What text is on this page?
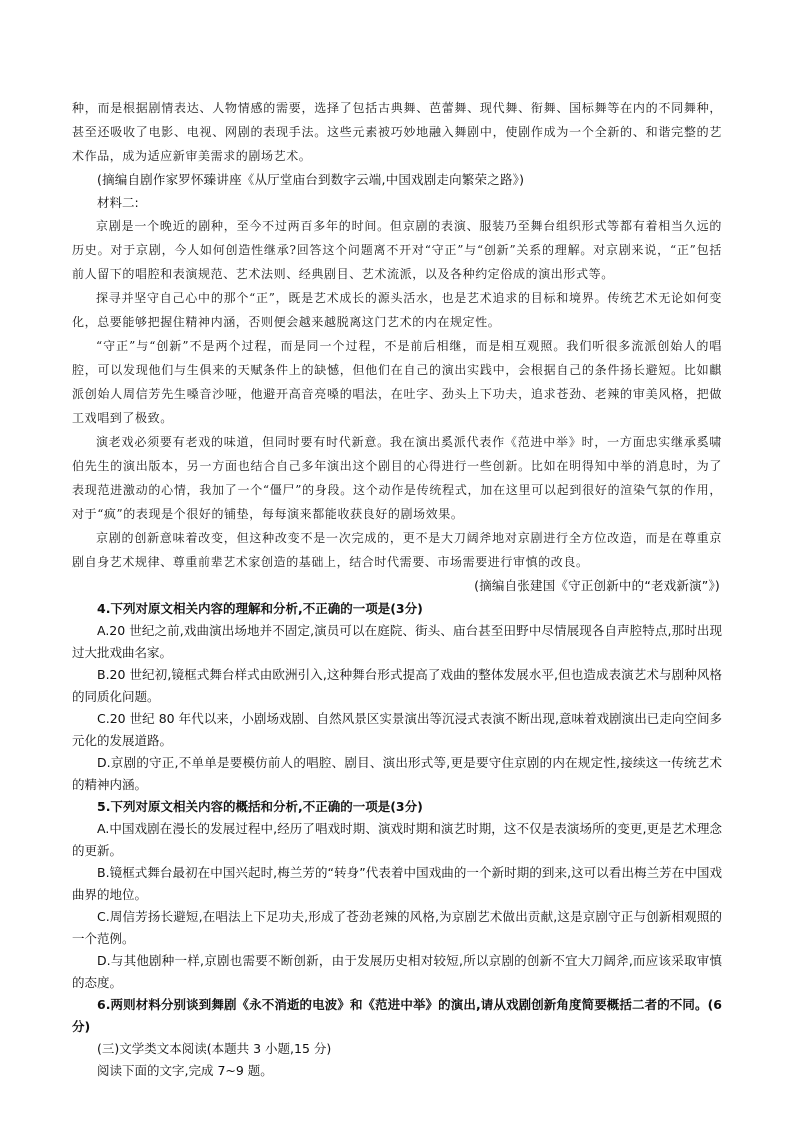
种，而是根据剧情表达、人物情感的需要，选择了包括古典舞、芭蕾舞、现代舞、衔舞、国标舞等在内的不同舞种，甚至还吸收了电影、电视、网剧的表现手法。这些元素被巧妙地融入舞剧中，使剧作成为一个全新的、和谐完整的艺术作品，成为适应新审美需求的剧场艺术。

(摘编自剧作家罗怀臻讲座《从厅堂庙台到数字云端,中国戏剧走向繁荣之路》)

材料二:

京剧是一个晚近的剧种，至今不过两百多年的时间。但京剧的表演、服装乃至舞台组织形式等都有着相当久远的历史。对于京剧，今人如何创造性继承?回答这个问题离不开对“守正”与“创新”关系的理解。对京剧来说，“正”包括前人留下的唱腔和表演规范、艺术法则、经典剧目、艺术流派，以及各种约定俗成的演出形式等。

探寻并坚守自己心中的那个“正”，既是艺术成长的源头活水，也是艺术追求的目标和境界。传统艺术无论如何变化，总要能够把握住精神内涵，否则便会越来越脱离这门艺术的内在规定性。

“守正”与“创新”不是两个过程，而是同一个过程，不是前后相继，而是相互观照。我们听很多流派创始人的唱腔，可以发现他们与生俱来的天赋条件上的缺憾，但他们在自己的演出实践中，会根据自己的条件扬长避短。比如麒派创始人周信芳先生嗓音沙哑，他避开高音亮嗓的唱法，在吐字、劲头上下功夫，追求苍劲、老辣的审美风格，把做工戏唱到了极致。

演老戏必须要有老戏的味道，但同时要有时代新意。我在演出奚派代表作《范进中举》时，一方面忠实继承奚啸伯先生的演出版本，另一方面也结合自己多年演出这个剧目的心得进行一些创新。比如在明得知中举的消息时，为了表现范进激动的心情，我加了一个“僵尸”的身段。这个动作是传统程式，加在这里可以起到很好的渲染气氛的作用，对于“疯”的表现是个很好的铺垫，每每演来都能收获良好的剧场效果。

京剧的创新意味着改变，但这种改变不是一次完成的，更不是大刀阔斧地对京剧进行全方位改造，而是在尊重京剧自身艺术规律、尊重前辈艺术家创造的基础上，结合时代需要、市场需要进行审慎的改良。

(摘编自张建国《守正创新中的“老戏新演”》)

4.下列对原文相关内容的理解和分析,不正确的一项是(3分)

A.20 世纪之前,戏曲演出场地并不固定,演员可以在庭院、街头、庙台甚至田野中尽情展现各自声腔特点,那时出现过大批戏曲名家。

B.20 世纪初,镜框式舞台样式由欧洲引入,这种舞台形式提高了戏曲的整体发展水平,但也造成表演艺术与剧种风格的同质化问题。

C.20 世纪 80 年代以来，小剧场戏剧、自然风景区实景演出等沉浸式表演不断出现,意味着戏剧演出已走向空间多元化的发展道路。

D.京剧的守正,不单单是要模仿前人的唱腔、剧目、演出形式等,更是要守住京剧的内在规定性,接续这一传统艺术的精神内涵。

5.下列对原文相关内容的概括和分析,不正确的一项是(3分)

A.中国戏剧在漫长的发展过程中,经历了唱戏时期、演戏时期和演艺时期，这不仅是表演场所的变更,更是艺术理念的更新。

B.镜框式舞台最初在中国兴起时,梅兰芳的“转身”代表着中国戏曲的一个新时期的到来,这可以看出梅兰芳在中国戏曲界的地位。

C.周信芳扬长避短,在唱法上下足功夫,形成了苍劲老辣的风格,为京剧艺术做出贡献,这是京剧守正与创新相观照的一个范例。

D.与其他剧种一样,京剧也需要不断创新，由于发展历史相对较短,所以京剧的创新不宜大刀阔斧,而应该采取审慎的态度。

6.两则材料分别谈到舞剧《永不消逝的电波》和《范进中举》的演出,请从戏剧创新角度简要概括二者的不同。(6分)

(三)文学类文本阅读(本题共 3 小题,15 分)

阅读下面的文字,完成 7~9 题。
